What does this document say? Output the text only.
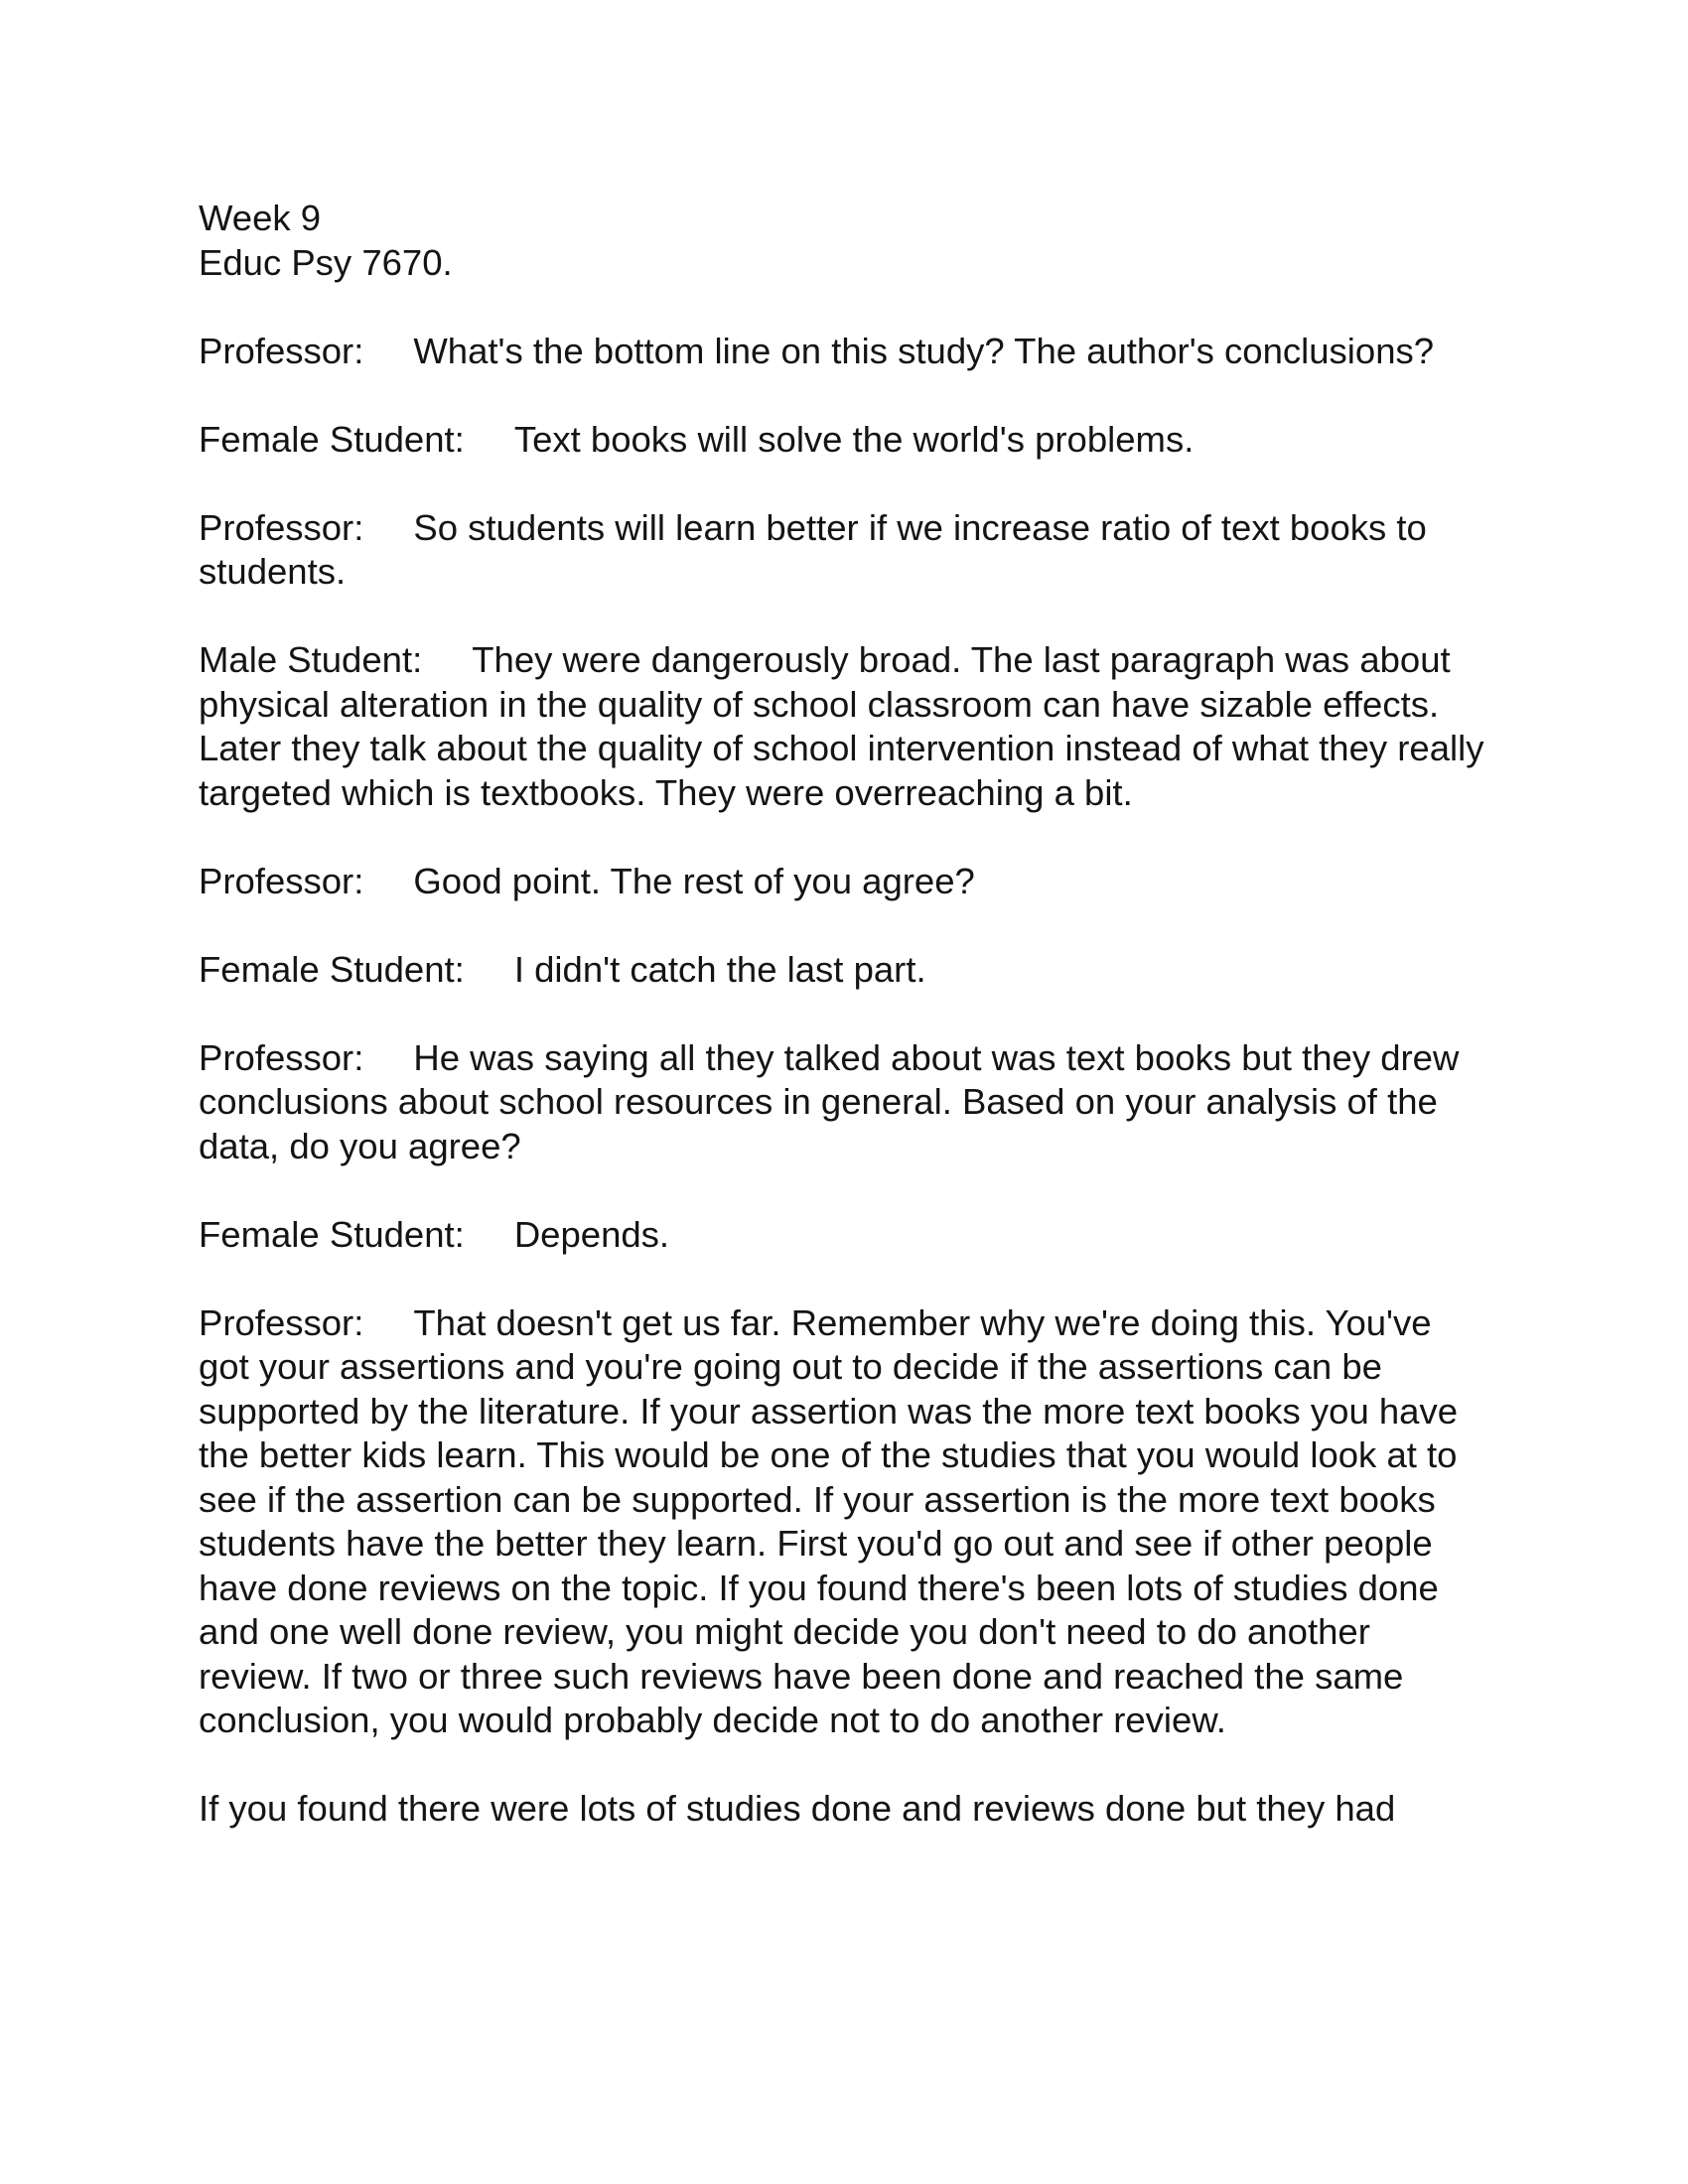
Week 9

Educ Psy 7670.

Professor: What's the bottom line on this study? The author's conclusions?

Female Student: Text books will solve the world's problems.

Professor: So students will learn better if we increase ratio of text books to students.

Male Student: They were dangerously broad. The last paragraph was about physical alteration in the quality of school classroom can have sizable effects. Later they talk about the quality of school intervention instead of what they really targeted which is textbooks. They were overreaching a bit.

Professor: Good point. The rest of you agree?

Female Student: I didn't catch the last part.

Professor: He was saying all they talked about was text books but they drew conclusions about school resources in general. Based on your analysis of the data, do you agree?

Female Student: Depends.

Professor: That doesn't get us far. Remember why we're doing this. You've got your assertions and you're going out to decide if the assertions can be supported by the literature. If your assertion was the more text books you have the better kids learn. This would be one of the studies that you would look at to see if the assertion can be supported. If your assertion is the more text books students have the better they learn. First you'd go out and see if other people have done reviews on the topic. If you found there's been lots of studies done and one well done review, you might decide you don't need to do another review. If two or three such reviews have been done and reached the same conclusion, you would probably decide not to do another review.

If you found there were lots of studies done and reviews done but they had
